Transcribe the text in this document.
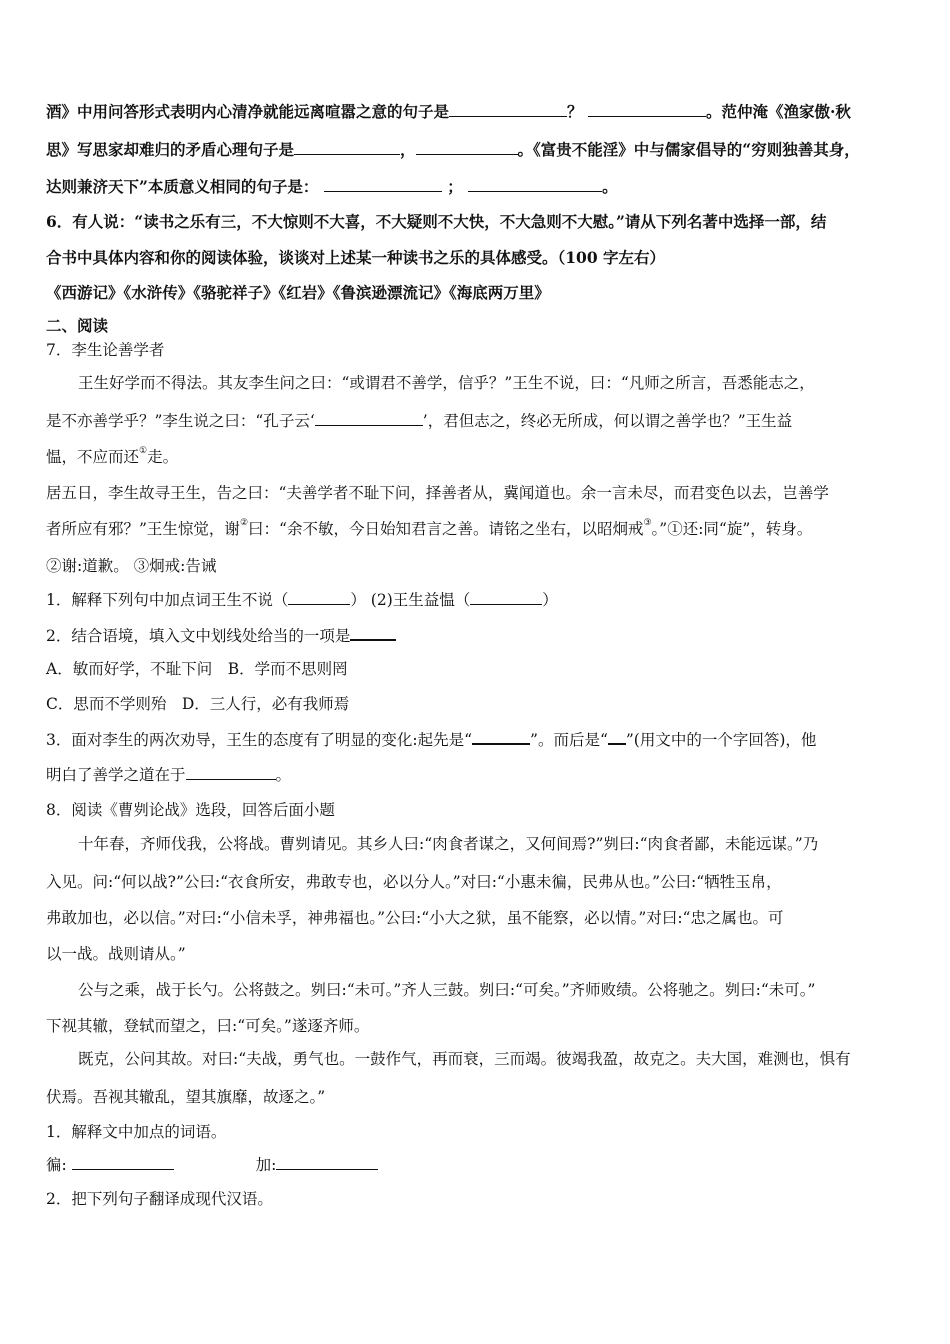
酒》中用问答形式表明内心清净就能远离喧嚣之意的句子是	？	。范仲淹《渔家傲·秋
思》写思家却难归的矛盾心理句子是	，	。《富贵不能淫》中与儒家倡导的“穷则独善其身，
达则兼济天下”本质意义相同的句子是：	；	。
6．有人说：“读书之乐有三，不大惊则不大喜，不大疑则不大快，不大急则不大慰。”请从下列名著中选择一部，结
合书中具体内容和你的阅读体验，谈谈对上述某一种读书之乐的具体感受。（100 字左右）
《西游记》《水浒传》《骆驼祥子》《红岩》《鲁滨逊漂流记》《海底两万里》
二、阅读
7．李生论善学者
王生好学而不得法。其友李生问之曰：“或谓君不善学，信乎？”王生不说，曰：“凡师之所言，吾悉能志之，
是不亦善学乎？”李生说之曰：“孔子云‘	’，君但志之，终必无所成，何以谓之善学也？”王生益
愠，不应而还①走。
居五日，李生故寻王生，告之曰：“夫善学者不耻下问，择善者从，冀闻道也。余一言未尽，而君变色以去，岂善学
者所应有邪？”王生惊觉，谢②曰：“余不敏，今日始知君言之善。请铭之坐右，以昭炯戒③。”①还:同“旋”，转身。
②谢:道歉。 ③炯戒:告诫
1．解释下列句中加点词王生不说（	） (2)王生益愠（	）
2．结合语境，填入文中划线处给当的一项是
A．敏而好学，不耻下问　B．学而不思则罔
C．思而不学则殆　D．三人行，必有我师焉
3．面对李生的两次劝导，王生的态度有了明显的变化:起先是“	”。而后是“ ”(用文中的一个字回答)，他
明白了善学之道在于	。
8．阅读《曹刿论战》选段，回答后面小题
十年春，齐师伐我，公将战。曹刿请见。其乡人曰:“肉食者谋之，又何间焉?”刿曰:“肉食者鄙，未能远谋。”乃
入见。问:“何以战?”公曰:“衣食所安，弗敢专也，必以分人。”对曰:“小惠未徧，民弗从也。”公曰:“牺牲玉帛，
弗敢加也，必以信。”对曰:“小信未孚，神弗福也。”公曰:“小大之狱，虽不能察，必以情。”对曰:“忠之属也。可
以一战。战则请从。”
公与之乘，战于长勺。公将鼓之。刿曰:“未可。”齐人三鼓。刿曰:“可矣。”齐师败绩。公将驰之。刿曰:“未可。”
下视其辙，登轼而望之，曰:“可矣。”遂逐齐师。
既克，公问其故。对曰:“夫战，勇气也。一鼓作气，再而衰，三而竭。彼竭我盈，故克之。夫大国，难测也，惧有
伏焉。吾视其辙乱，望其旗靡，故逐之。”
1．解释文中加点的词语。
徧:	加:
2．把下列句子翻译成现代汉语。
